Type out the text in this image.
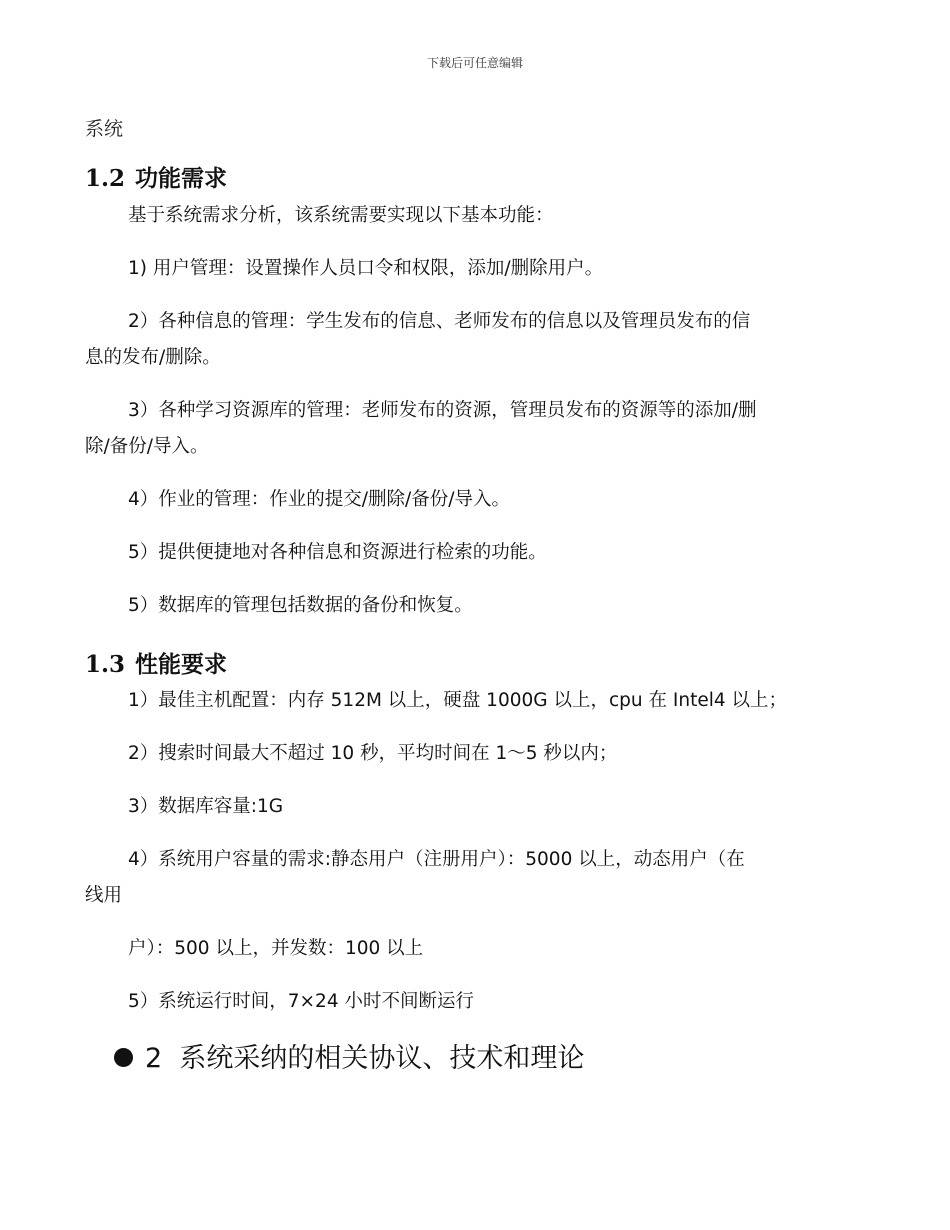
下载后可任意编辑
系统
1.2 功能需求
基于系统需求分析，该系统需要实现以下基本功能：
1) 用户管理：设置操作人员口令和权限，添加/删除用户。
2）各种信息的管理：学生发布的信息、老师发布的信息以及管理员发布的信
息的发布/删除。
3）各种学习资源库的管理：老师发布的资源，管理员发布的资源等的添加/删
除/备份/导入。
4）作业的管理：作业的提交/删除/备份/导入。
5）提供便捷地对各种信息和资源进行检索的功能。
5）数据库的管理包括数据的备份和恢复。
1.3 性能要求
1）最佳主机配置：内存 512M 以上，硬盘 1000G 以上，cpu 在 Intel4 以上；
2）搜索时间最大不超过 10 秒，平均时间在 1～5 秒以内；
3）数据库容量:1G
4）系统用户容量的需求:静态用户（注册用户）：5000 以上，动态用户（在
线用
户）：500 以上，并发数：100 以上
5）系统运行时间，7×24 小时不间断运行
2 系统采纳的相关协议、技术和理论
